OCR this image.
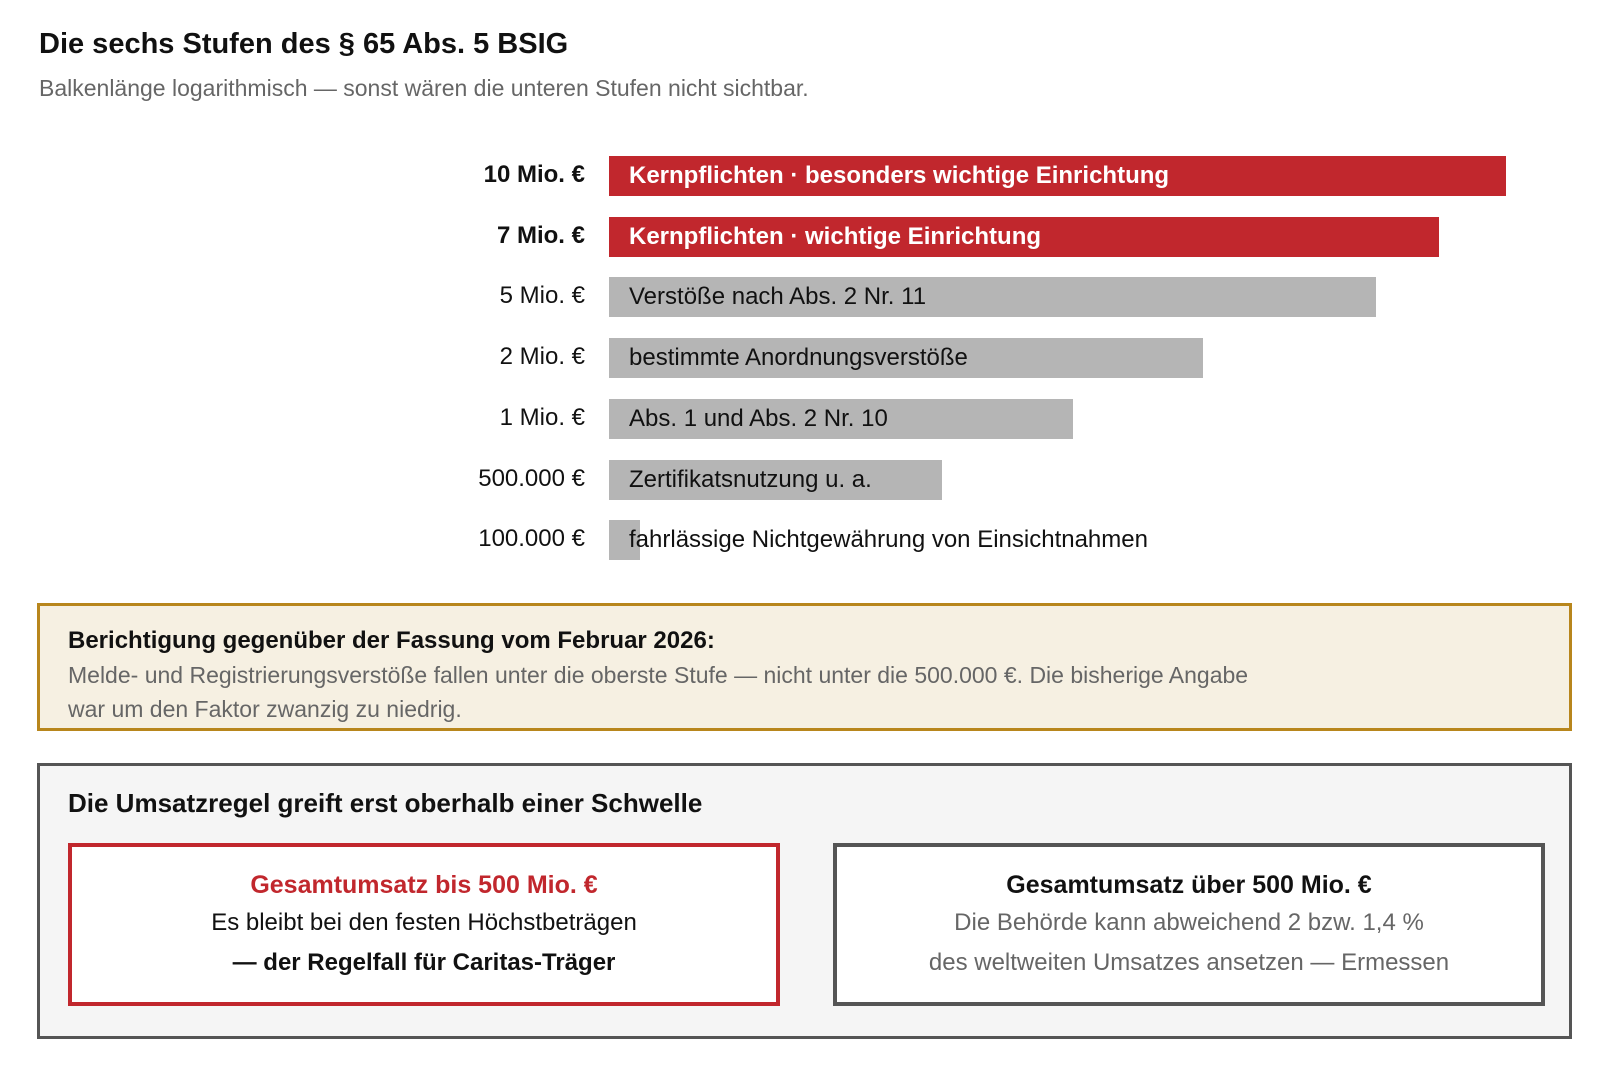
Die sechs Stufen des § 65 Abs. 5 BSIG
Balkenlänge logarithmisch — sonst wären die unteren Stufen nicht sichtbar.
10 Mio. € Kernpflichten · besonders wichtige Einrichtung
7 Mio. € Kernpflichten · wichtige Einrichtung
5 Mio. € Verstöße nach Abs. 2 Nr. 11
2 Mio. € bestimmte Anordnungsverstöße
1 Mio. € Abs. 1 und Abs. 2 Nr. 10
500.000 € Zertifikatsnutzung u. a.
100.000 € fahrlässige Nichtgewährung von Einsichtnahmen
Berichtigung gegenüber der Fassung vom Februar 2026:
Melde- und Registrierungsverstöße fallen unter die oberste Stufe — nicht unter die 500.000 €. Die bisherige Angabe war um den Faktor zwanzig zu niedrig.
Die Umsatzregel greift erst oberhalb einer Schwelle
Gesamtumsatz bis 500 Mio. €
Es bleibt bei den festen Höchstbeträgen
— der Regelfall für Caritas-Träger
Gesamtumsatz über 500 Mio. €
Die Behörde kann abweichend 2 bzw. 1,4 %
des weltweiten Umsatzes ansetzen — Ermessen
